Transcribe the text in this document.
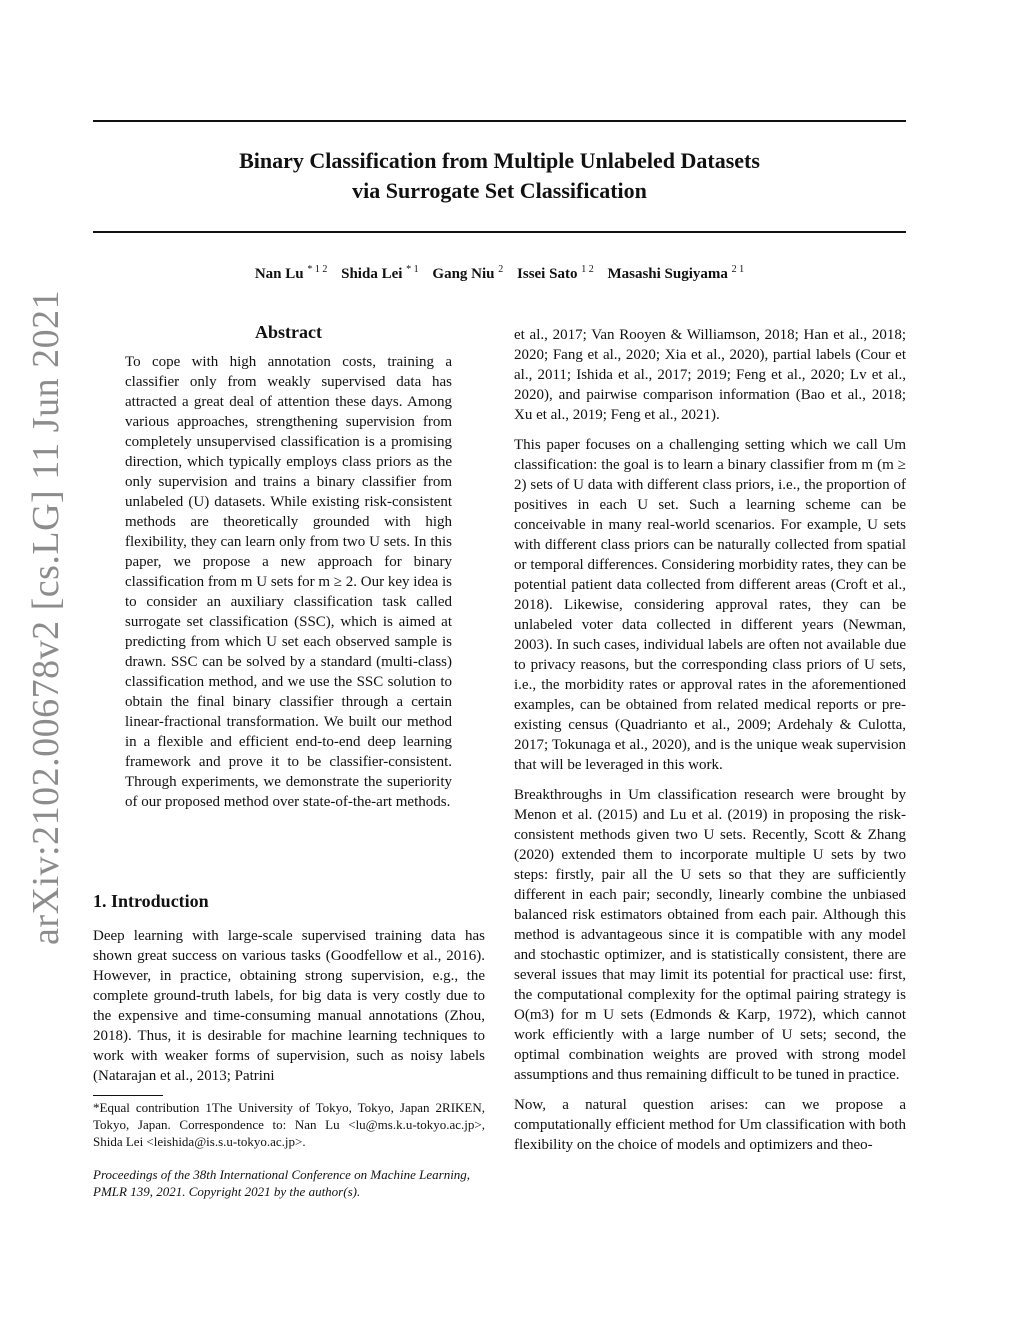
arXiv:2102.00678v2 [cs.LG] 11 Jun 2021
Binary Classification from Multiple Unlabeled Datasets
via Surrogate Set Classification
Nan Lu $^{* 1 2}$ Shida Lei $^{* 1}$ Gang Niu $^2$ Issei Sato $^{1 2}$ Masashi Sugiyama $^{2 1}$
Abstract
To cope with high annotation costs, training a classifier only from weakly supervised data has attracted a great deal of attention these days. Among various approaches, strengthening supervision from completely unsupervised classification is a promising direction, which typically employs class priors as the only supervision and trains a binary classifier from unlabeled (U) datasets. While existing risk-consistent methods are theoretically grounded with high flexibility, they can learn only from two U sets. In this paper, we propose a new approach for binary classification from m U sets for m ≥ 2. Our key idea is to consider an auxiliary classification task called surrogate set classification (SSC), which is aimed at predicting from which U set each observed sample is drawn. SSC can be solved by a standard (multi-class) classification method, and we use the SSC solution to obtain the final binary classifier through a certain linear-fractional transformation. We built our method in a flexible and efficient end-to-end deep learning framework and prove it to be classifier-consistent. Through experiments, we demonstrate the superiority of our proposed method over state-of-the-art methods.
1. Introduction
Deep learning with large-scale supervised training data has shown great success on various tasks (Goodfellow et al., 2016). However, in practice, obtaining strong supervision, e.g., the complete ground-truth labels, for big data is very costly due to the expensive and time-consuming manual annotations (Zhou, 2018). Thus, it is desirable for machine learning techniques to work with weaker forms of supervision, such as noisy labels (Natarajan et al., 2013; Patrini
*Equal contribution 1The University of Tokyo, Tokyo, Japan 2RIKEN, Tokyo, Japan. Correspondence to: Nan Lu <lu@ms.k.u-tokyo.ac.jp>, Shida Lei <leishida@is.s.u-tokyo.ac.jp>.
Proceedings of the 38th International Conference on Machine Learning, PMLR 139, 2021. Copyright 2021 by the author(s).

et al., 2017; Van Rooyen & Williamson, 2018; Han et al., 2018; 2020; Fang et al., 2020; Xia et al., 2020), partial labels (Cour et al., 2011; Ishida et al., 2017; 2019; Feng et al., 2020; Lv et al., 2020), and pairwise comparison information (Bao et al., 2018; Xu et al., 2019; Feng et al., 2021).

This paper focuses on a challenging setting which we call Um classification: the goal is to learn a binary classifier from m (m ≥ 2) sets of U data with different class priors, i.e., the proportion of positives in each U set. Such a learning scheme can be conceivable in many real-world scenarios. For example, U sets with different class priors can be naturally collected from spatial or temporal differences. Considering morbidity rates, they can be potential patient data collected from different areas (Croft et al., 2018). Likewise, considering approval rates, they can be unlabeled voter data collected in different years (Newman, 2003). In such cases, individual labels are often not available due to privacy reasons, but the corresponding class priors of U sets, i.e., the morbidity rates or approval rates in the aforementioned examples, can be obtained from related medical reports or pre-existing census (Quadrianto et al., 2009; Ardehaly & Culotta, 2017; Tokunaga et al., 2020), and is the unique weak supervision that will be leveraged in this work.

Breakthroughs in Um classification research were brought by Menon et al. (2015) and Lu et al. (2019) in proposing the risk-consistent methods given two U sets. Recently, Scott & Zhang (2020) extended them to incorporate multiple U sets by two steps: firstly, pair all the U sets so that they are sufficiently different in each pair; secondly, linearly combine the unbiased balanced risk estimators obtained from each pair. Although this method is advantageous since it is compatible with any model and stochastic optimizer, and is statistically consistent, there are several issues that may limit its potential for practical use: first, the computational complexity for the optimal pairing strategy is O(m3) for m U sets (Edmonds & Karp, 1972), which cannot work efficiently with a large number of U sets; second, the optimal combination weights are proved with strong model assumptions and thus remaining difficult to be tuned in practice.

Now, a natural question arises: can we propose a computationally efficient method for Um classification with both flexibility on the choice of models and optimizers and theo-
